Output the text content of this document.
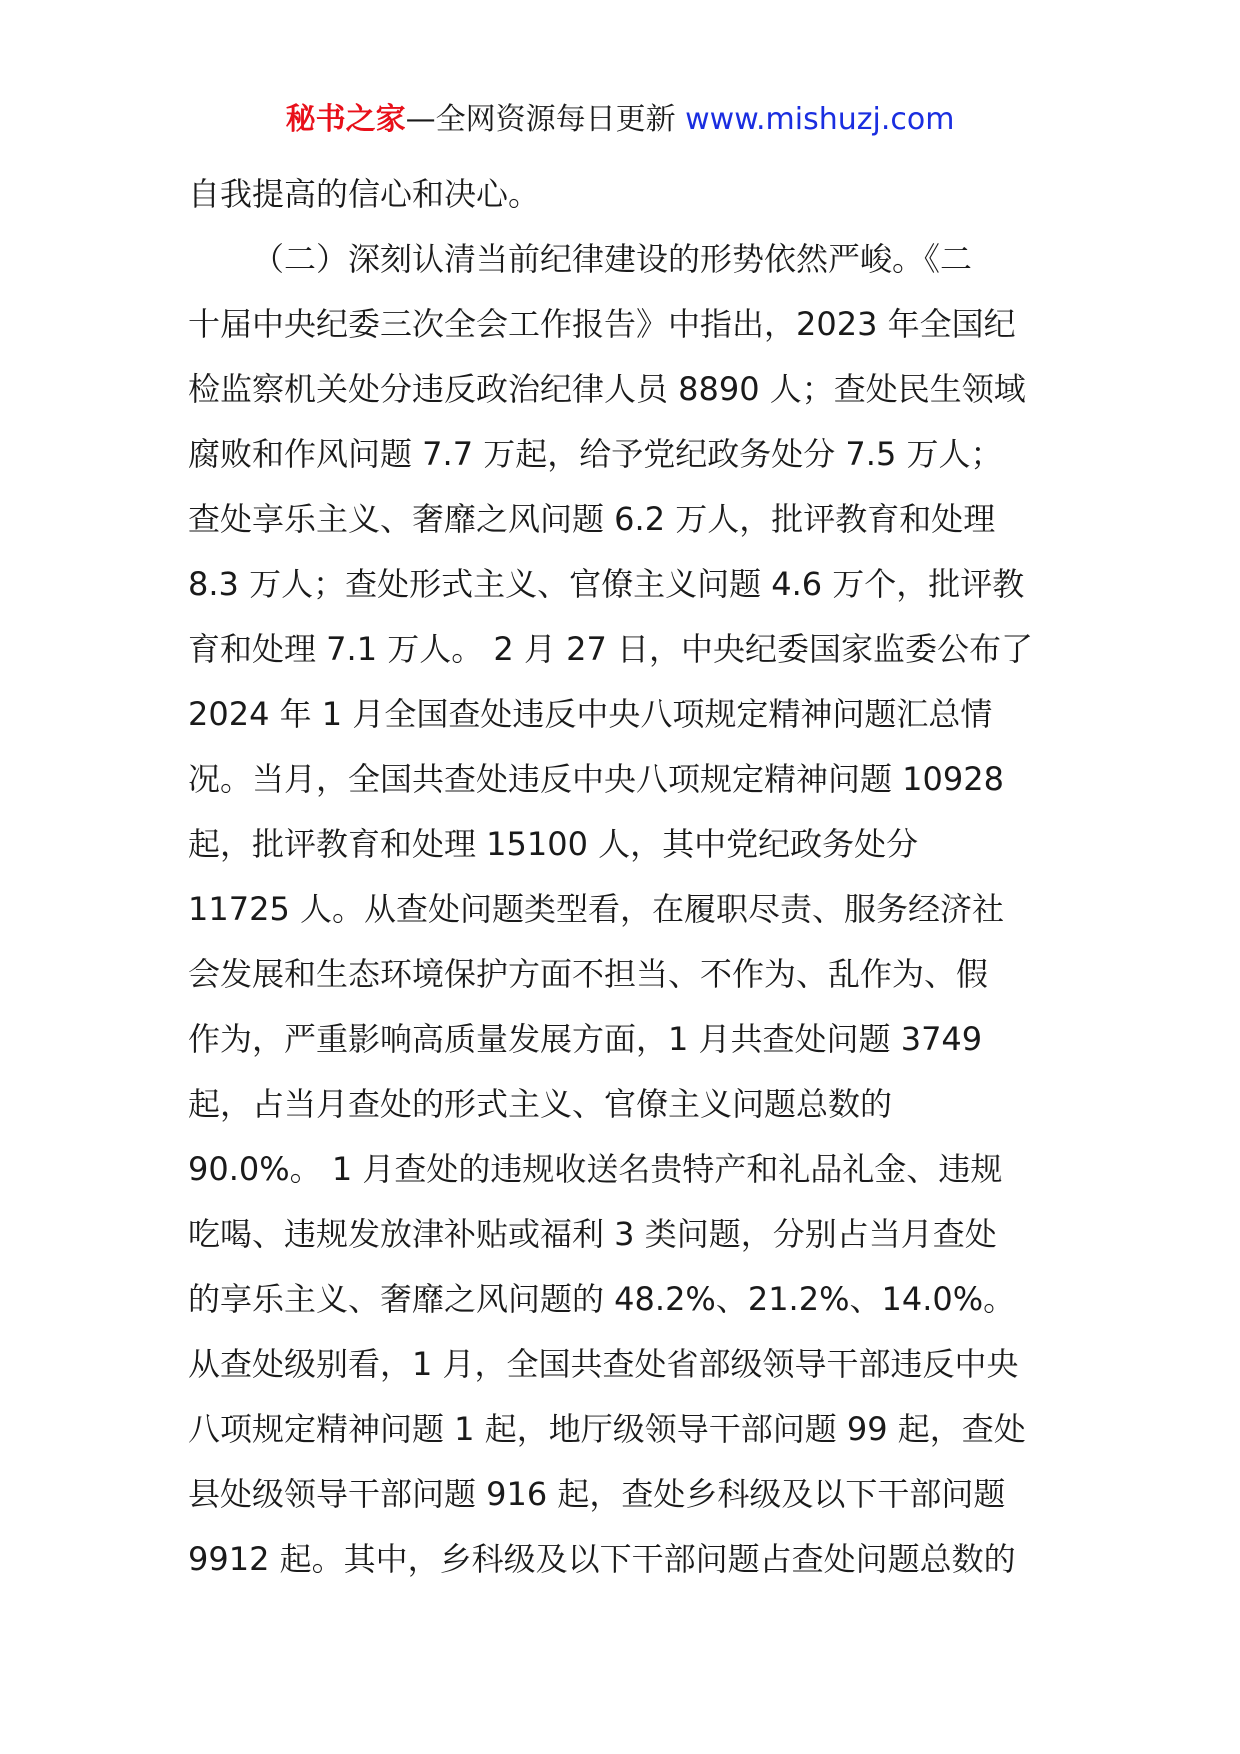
秘书之家—全网资源每日更新 www.mishuzj.com
自我提高的信心和决心。
（二）深刻认清当前纪律建设的形势依然严峻。《二
十届中央纪委三次全会工作报告》中指出，2023 年全国纪
检监察机关处分违反政治纪律人员 8890 人；查处民生领域
腐败和作风问题 7.7 万起，给予党纪政务处分 7.5 万人；
查处享乐主义、奢靡之风问题 6.2 万人，批评教育和处理
8.3 万人；查处形式主义、官僚主义问题 4.6 万个，批评教
育和处理 7.1 万人。 2 月 27 日，中央纪委国家监委公布了
2024 年 1 月全国查处违反中央八项规定精神问题汇总情
况。当月，全国共查处违反中央八项规定精神问题 10928
起，批评教育和处理 15100 人，其中党纪政务处分
11725 人。从查处问题类型看，在履职尽责、服务经济社
会发展和生态环境保护方面不担当、不作为、乱作为、假
作为，严重影响高质量发展方面，1 月共查处问题 3749
起，占当月查处的形式主义、官僚主义问题总数的
90.0%。 1 月查处的违规收送名贵特产和礼品礼金、违规
吃喝、违规发放津补贴或福利 3 类问题，分别占当月查处
的享乐主义、奢靡之风问题的 48.2%、21.2%、14.0%。
从查处级别看，1 月，全国共查处省部级领导干部违反中央
八项规定精神问题 1 起，地厅级领导干部问题 99 起，查处
县处级领导干部问题 916 起，查处乡科级及以下干部问题
9912 起。其中，乡科级及以下干部问题占查处问题总数的
